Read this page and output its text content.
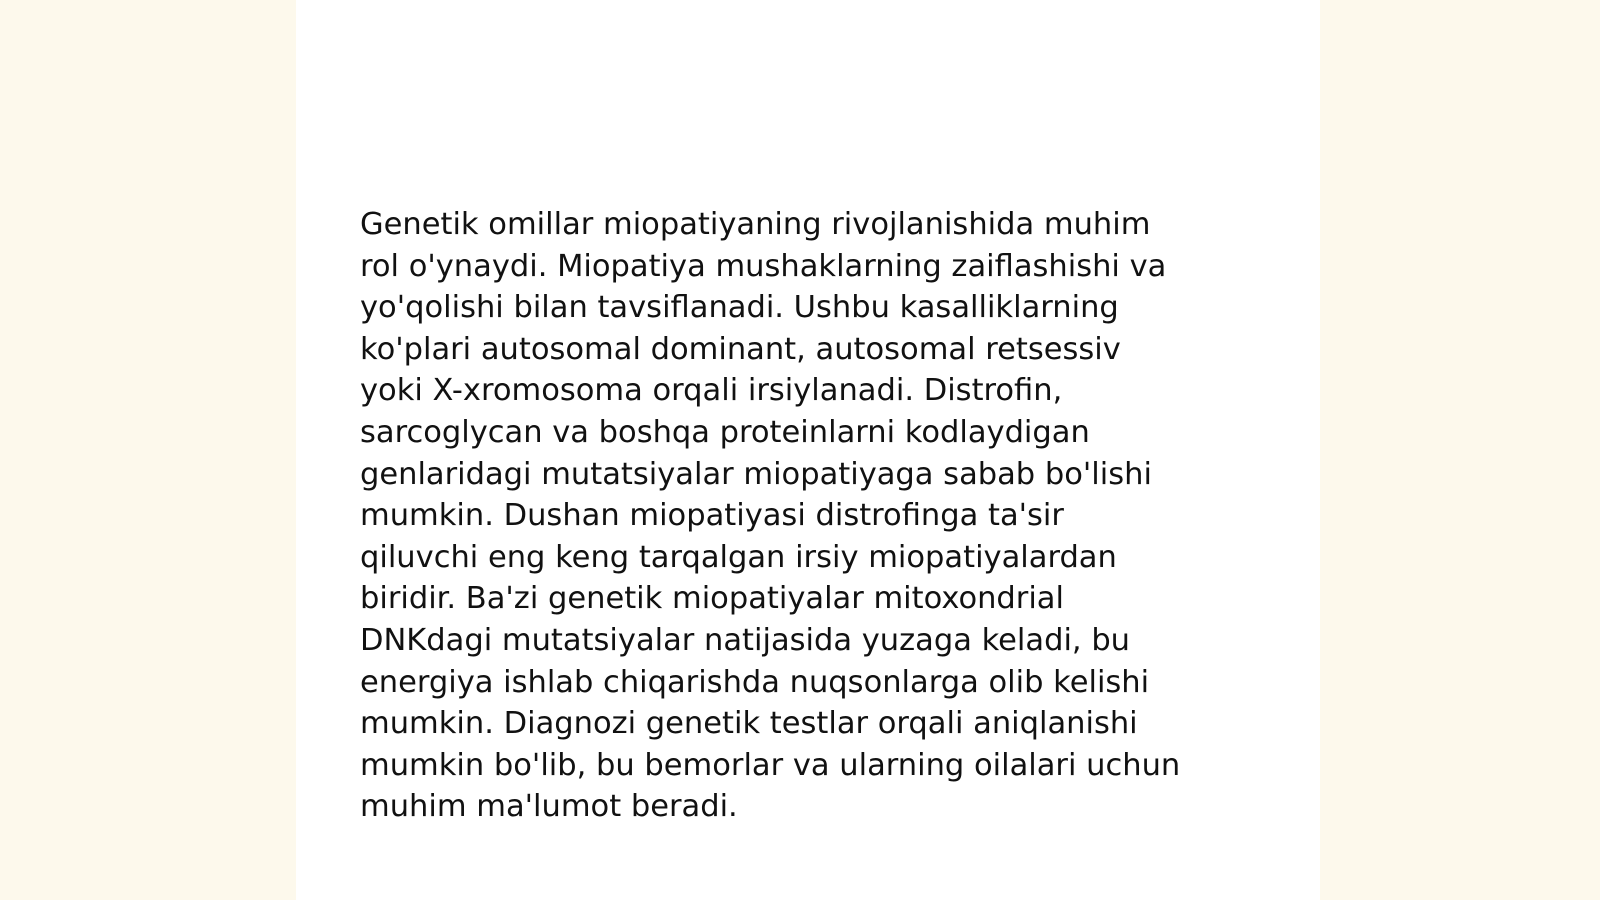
Genetik omillar miopatiyaning rivojlanishida muhim
rol o'ynaydi. Miopatiya mushaklarning zaiflashishi va
yo'qolishi bilan tavsiflanadi. Ushbu kasalliklarning
ko'plari autosomal dominant, autosomal retsessiv
yoki X-xromosoma orqali irsiylanadi. Distrofin,
sarcoglycan va boshqa proteinlarni kodlaydigan
genlaridagi mutatsiyalar miopatiyaga sabab bo'lishi
mumkin. Dushan miopatiyasi distrofinga ta'sir
qiluvchi eng keng tarqalgan irsiy miopatiyalardan
biridir. Ba'zi genetik miopatiyalar mitoxondrial
DNKdagi mutatsiyalar natijasida yuzaga keladi, bu
energiya ishlab chiqarishda nuqsonlarga olib kelishi
mumkin. Diagnozi genetik testlar orqali aniqlanishi
mumkin bo'lib, bu bemorlar va ularning oilalari uchun
muhim ma'lumot beradi.
